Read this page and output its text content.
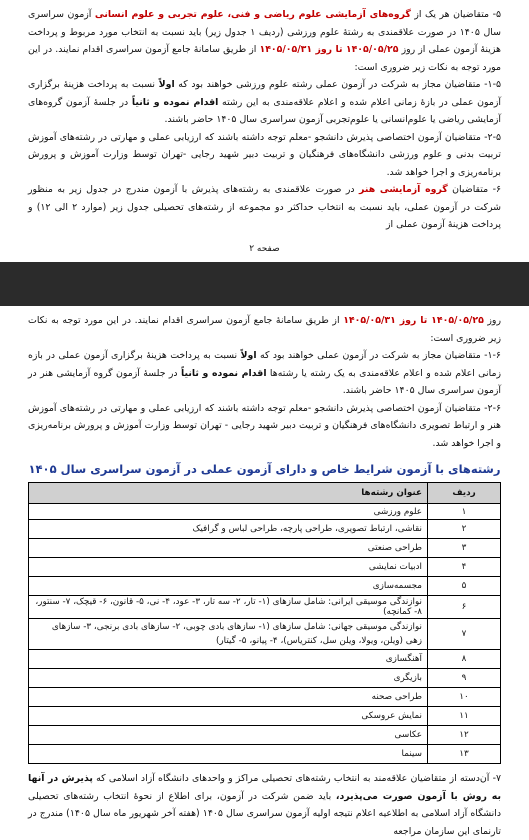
۵- متقاضیان هر یک از گروه‌های آزمایشی علوم ریاضی و فنی، علوم تجربی و علوم انسانی آزمون سراسری سال ۱۴۰۵ در صورت علاقمندی به رشتهٔ علوم ورزشی (ردیف ۱ جدول زیر) باید نسبت به انتخاب مورد مربوط و پرداخت هزینهٔ آزمون عملی از روز ۱۴۰۵/۰۵/۲۵ تا روز ۱۴۰۵/۰۵/۳۱ از طریق سامانهٔ جامع آزمون سراسری اقدام نمایند. در این مورد توجه به نکات زیر ضروری است:

۱-۵- متقاضیان مجاز به شرکت در آزمون عملی رشته علوم ورزشی خواهند بود که اولاً نسبت به پرداخت هزینهٔ برگزاری آزمون عملی در بازهٔ زمانی اعلام شده و اعلام علاقه‌مندی به این رشته اقدام نموده و ثانیاً در جلسهٔ آزمون گروه‌های آزمایشی ریاضی یا علوم‌انسانی یا علوم‌تجربی آزمون سراسری سال ۱۴۰۵ حاضر باشند.

۲-۵- متقاضیان آزمون اختصاصی پذیرش دانشجو -معلم توجه داشته باشند که ارزیابی عملی و مهارتی در رشته‌های آموزش تربیت بدنی و علوم ورزشی دانشگاه‌های فرهنگیان و تربیت دبیر شهید رجایی -تهران توسط وزارت آموزش و پرورش برنامه‌ریزی و اجرا خواهد شد.

۶- متقاضیان گروه آزمایشی هنر در صورت علاقمندی به رشته‌های پذیرش با آزمون مندرج در جدول زیر به منظور شرکت در آزمون عملی، باید نسبت به انتخاب حداکثر دو مجموعه از رشته‌های تحصیلی جدول زیر (موارد ۲ الی ۱۲) و پرداخت هزینهٔ آزمون عملی از

صفحه ۲

روز ۱۴۰۵/۰۵/۲۵ تا روز ۱۴۰۵/۰۵/۳۱ از طریق سامانهٔ جامع آزمون سراسری اقدام نمایند. در این مورد توجه به نکات زیر ضروری است:

۱-۶- متقاضیان مجاز به شرکت در آزمون عملی خواهند بود که اولاً نسبت به پرداخت هزینهٔ برگزاری آزمون عملی در بازه زمانی اعلام شده و اعلام علاقه‌مندی به یک رشته یا رشته‌ها اقدام نموده و ثانیاً در جلسهٔ آزمون گروه آزمایشی هنر در آزمون سراسری سال ۱۴۰۵ حاضر باشند.

۲-۶- متقاضیان آزمون اختصاصی پذیرش دانشجو -معلم توجه داشته باشند که ارزیابی عملی و مهارتی در رشته‌های آموزش هنر و ارتباط تصویری دانشگاه‌های فرهنگیان و تربیت دبیر شهید رجایی - تهران توسط وزارت آموزش و پرورش برنامه‌ریزی و اجرا خواهد شد.

رشته‌های با آزمون شرایط خاص و دارای آزمون عملی در آزمون سراسری سال ۱۴۰۵
ردیف	عنوان رشته‌ها
۱	علوم ورزشی
۲	نقاشی، ارتباط تصویری، طراحی پارچه، طراحی لباس و گرافیک
۳	طراحی صنعتی
۴	ادبیات نمایشی
۵	مجسمه‌سازی
۶	نوازندگی موسیقی ایرانی: شامل سازهای (۱- تار، ۲- سه تار، ۳- عود، ۴- نی، ۵- قانون، ۶- قیچک، ۷- سنتور، ۸- کمانچه)
۷	نوازندگی موسیقی جهانی: شامل سازهای (۱- سازهای بادی چوبی، ۲- سازهای بادی برنجی، ۳- سازهای زهی (ویلن، ویولا، ویلن سل، کنتریاس)، ۴- پیانو، ۵- گیتار)
۸	آهنگسازی
۹	بازیگری
۱۰	طراحی صحنه
۱۱	نمایش عروسکی
۱۲	عکاسی
۱۳	سینما

۷- آن‌دسته از متقاضیان علاقه‌مند به انتخاب رشته‌های تحصیلی مراکز و واحدهای دانشگاه آزاد اسلامی که پذیرش در آنها به روش با آزمون صورت می‌پذیرد، باید ضمن شرکت در آزمون، برای اطلاع از نحوهٔ انتخاب رشته‌های تحصیلی دانشگاه آزاد اسلامی به اطلاعیه اعلام نتیجه اولیه آزمون سراسری سال ۱۴۰۵ (هفته آخر شهریور ماه سال ۱۴۰۵) مندرج در تارنمای این سازمان مراجعه
